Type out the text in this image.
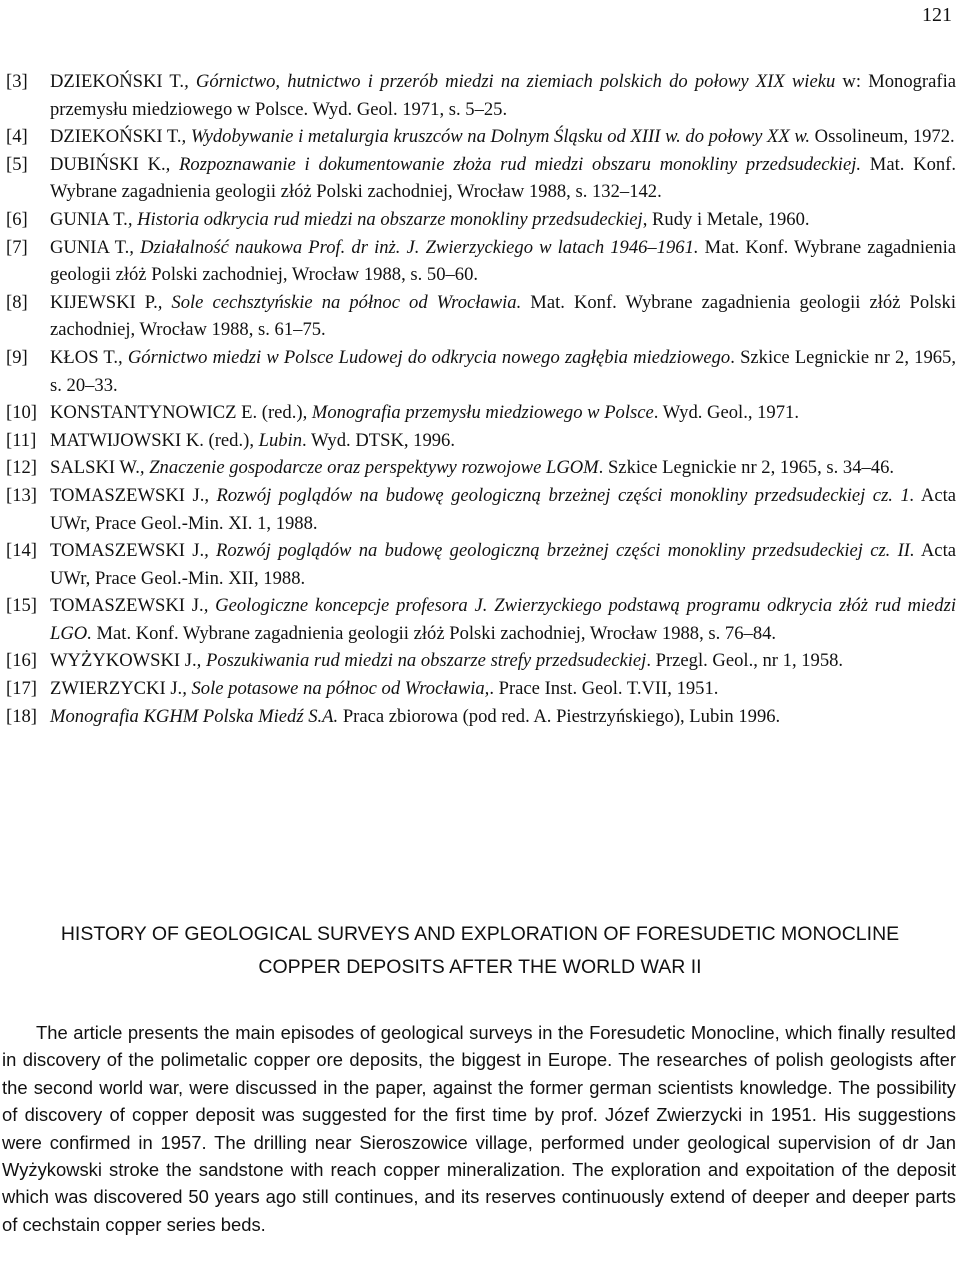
121
[3] DZIEKOŃSKI T., Górnictwo, hutnictwo i przerób miedzi na ziemiach polskich do połowy XIX wieku w: Monografia przemysłu miedziowego w Polsce. Wyd. Geol. 1971, s. 5–25.
[4] DZIEKOŃSKI T., Wydobywanie i metalurgia kruszców na Dolnym Śląsku od XIII w. do połowy XX w. Ossolineum, 1972.
[5] DUBIŃSKI K., Rozpoznawanie i dokumentowanie złoża rud miedzi obszaru monokliny przedsudeckiej. Mat. Konf. Wybrane zagadnienia geologii złóż Polski zachodniej, Wrocław 1988, s. 132–142.
[6] GUNIA T., Historia odkrycia rud miedzi na obszarze monokliny przedsudeckiej, Rudy i Metale, 1960.
[7] GUNIA T., Działalność naukowa Prof. dr inż. J. Zwierzyckiego w latach 1946–1961. Mat. Konf. Wybrane zagadnienia geologii złóż Polski zachodniej, Wrocław 1988, s. 50–60.
[8] KIJEWSKI P., Sole cechsztyńskie na północ od Wrocławia. Mat. Konf. Wybrane zagadnienia geologii złóż Polski zachodniej, Wrocław 1988, s. 61–75.
[9] KŁOS T., Górnictwo miedzi w Polsce Ludowej do odkrycia nowego zagłębia miedziowego. Szkice Legnickie nr 2, 1965, s. 20–33.
[10] KONSTANTYNOWICZ E. (red.), Monografia przemysłu miedziowego w Polsce. Wyd. Geol., 1971.
[11] MATWIJOWSKI K. (red.), Lubin. Wyd. DTSK, 1996.
[12] SALSKI W., Znaczenie gospodarcze oraz perspektywy rozwojowe LGOM. Szkice Legnickie nr 2, 1965, s. 34–46.
[13] TOMASZEWSKI J., Rozwój poglądów na budowę geologiczną brzeżnej części monokliny przedsudeckiej cz. 1. Acta UWr, Prace Geol.-Min. XI. 1, 1988.
[14] TOMASZEWSKI J., Rozwój poglądów na budowę geologiczną brzeżnej części monokliny przedsudeckiej cz. II. Acta UWr, Prace Geol.-Min. XII, 1988.
[15] TOMASZEWSKI J., Geologiczne koncepcje profesora J. Zwierzyckiego podstawą programu odkrycia złóż rud miedzi LGO. Mat. Konf. Wybrane zagadnienia geologii złóż Polski zachodniej, Wrocław 1988, s. 76–84.
[16] WYŻYKOWSKI J., Poszukiwania rud miedzi na obszarze strefy przedsudeckiej. Przegl. Geol., nr 1, 1958.
[17] ZWIERZYCKI J., Sole potasowe na północ od Wrocławia,. Prace Inst. Geol. T.VII, 1951.
[18] Monografia KGHM Polska Miedź S.A. Praca zbiorowa (pod red. A. Piestrzyńskiego), Lubin 1996.
HISTORY OF GEOLOGICAL SURVEYS AND EXPLORATION OF FORESUDETIC MONOCLINE
COPPER DEPOSITS AFTER THE WORLD WAR II

The article presents the main episodes of geological surveys in the Foresudetic Monocline, which finally resulted in discovery of the polimetalic copper ore deposits, the biggest in Europe. The researches of polish geologists after the second world war, were discussed in the paper, against the former german scientists knowledge. The possibility of discovery of copper deposit was suggested for the first time by prof. Józef Zwierzycki in 1951. His suggestions were confirmed in 1957. The drilling near Sieroszowice village, performed under geological supervision of dr Jan Wyżykowski stroke the sandstone with reach copper mineralization. The exploration and expoitation of the deposit which was discovered 50 years ago still continues, and its reserves continuously extend of deeper and deeper parts of cechstain copper series beds.
